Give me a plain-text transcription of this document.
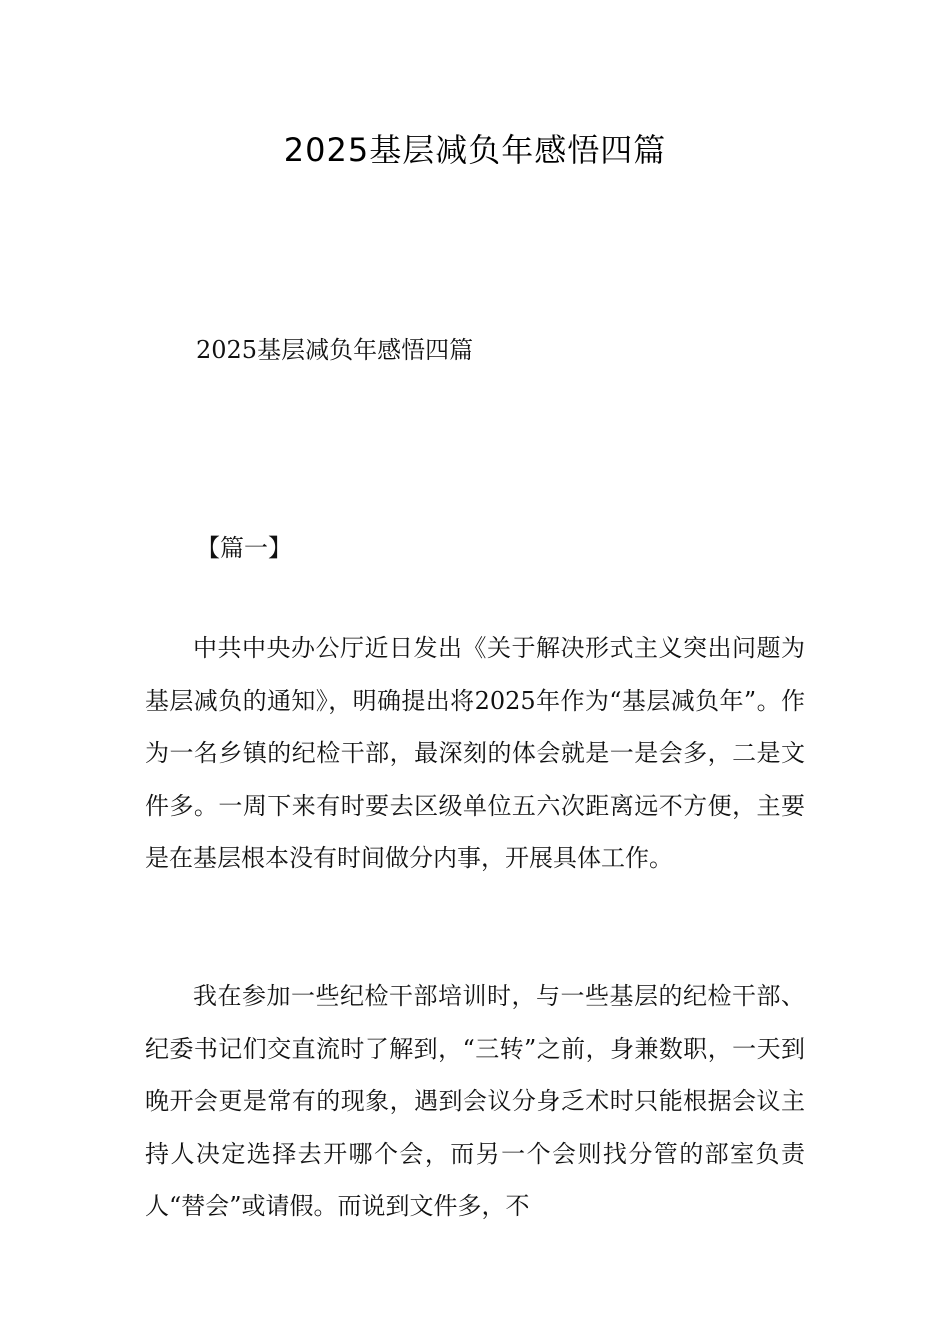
2025基层减负年感悟四篇
2025基层减负年感悟四篇
【篇一】

中共中央办公厅近日发出《关于解决形式主义突出问题为基层减负的通知》，明确提出将2025年作为“基层减负年”。作为一名乡镇的纪检干部，最深刻的体会就是一是会多，二是文件多。一周下来有时要去区级单位五六次距离远不方便，主要是在基层根本没有时间做分内事，开展具体工作。

我在参加一些纪检干部培训时，与一些基层的纪检干部、纪委书记们交直流时了解到，“三转”之前，身兼数职，一天到晚开会更是常有的现象，遇到会议分身乏术时只能根据会议主持人决定选择去开哪个会，而另一个会则找分管的部室负责人“替会”或请假。而说到文件多，不
